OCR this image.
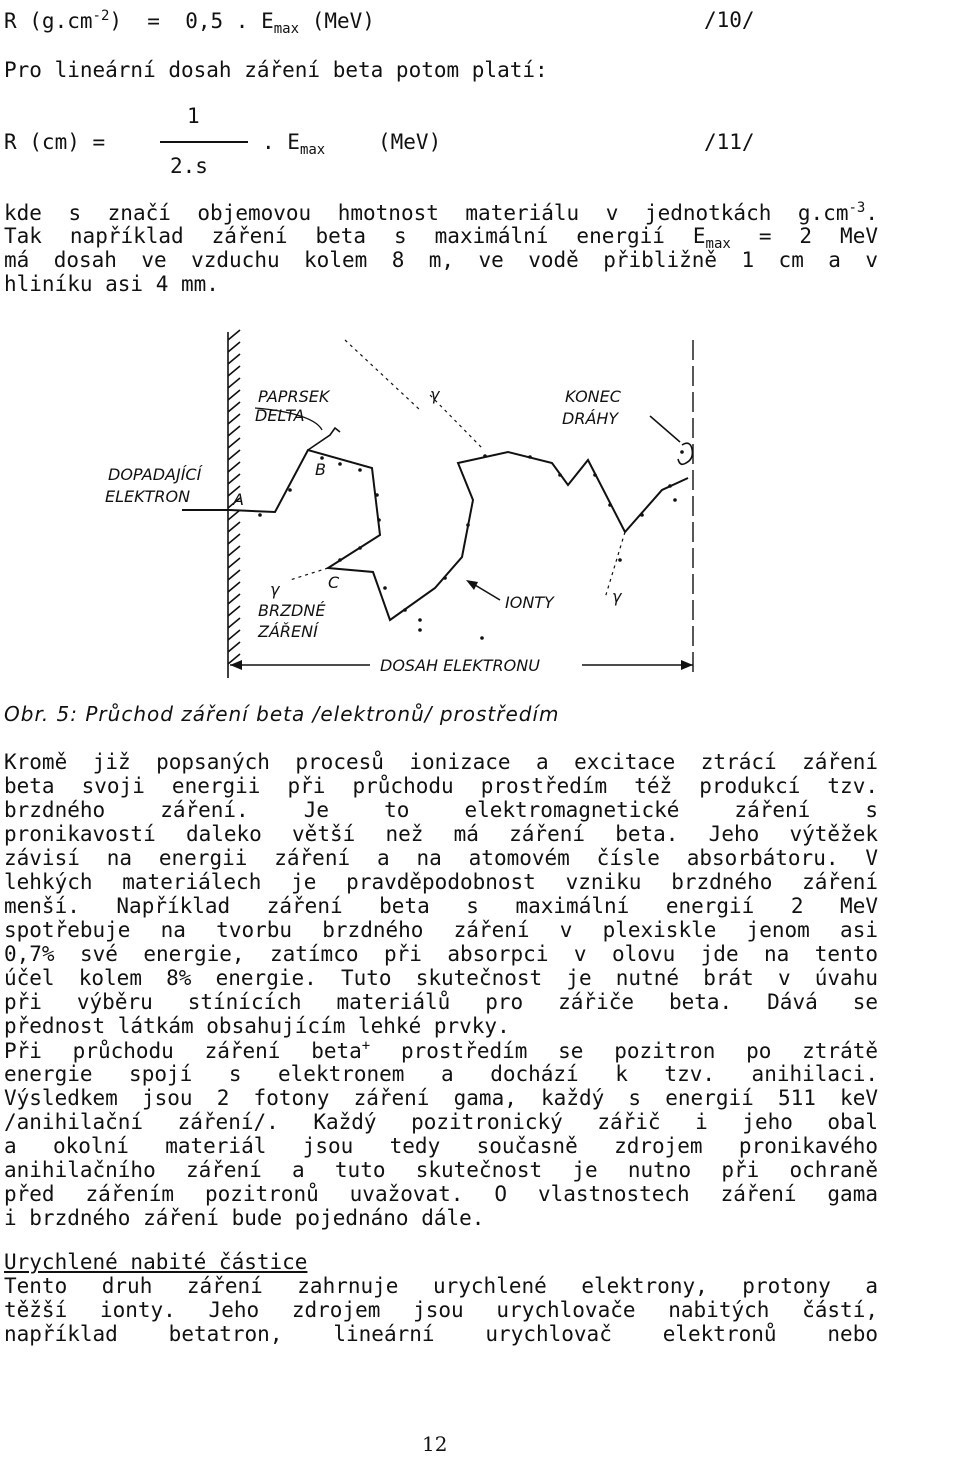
R $(g.cm^{-2}) = 0,5$ . $E_{max}$ (MeV)	/10/
Pro lineární dosah záření beta potom platí:
R (cm) =
1
2.s
. $E_{max}$	(MeV)	/11/
kde s značí objemovou hmotnost materiálu v jednotkách $g.cm^{-3}$.
Tak například záření beta s maximální energií $E_{max} = 2$ MeV
má dosah ve vzduchu kolem 8 m, ve vodě přibližně 1 cm a v
hliníku asi 4 mm.
PAPRSEK
DELTA
γ
B
KONEC
DRÁHY
DOPADAJÍCÍ
ELEKTRON	A
C
γ
BRZDNÉ
ZÁŘENÍ
IONTY	γ
DOSAH ELEKTRONU
Obr. 5: Průchod záření beta /elektronů/ prostředím
Kromě již popsaných procesů ionizace a excitace ztrácí záření
beta svoji energii při průchodu prostředím též produkcí tzv.
brzdného záření. Je to elektromagnetické záření s
pronikavostí daleko větší než má záření beta. Jeho výtěžek
závisí na energii záření a na atomovém čísle absorbátoru. V
lehkých materiálech je pravděpodobnost vzniku brzdného záření
menší. Například záření beta s maximální energií 2 MeV
spotřebuje na tvorbu brzdného záření v plexiskle jenom asi
0,7% své energie, zatímco při absorpci v olovu jde na tento
účel kolem 8% energie. Tuto skutečnost je nutné brát v úvahu
při výběru stínících materiálů pro zářiče beta. Dává se
přednost látkám obsahujícím lehké prvky.
Při průchodu záření beta+ prostředím se pozitron po ztrátě
energie spojí s elektronem a dochází k tzv. anihilaci.
Výsledkem jsou 2 fotony záření gama, každý s energií 511 keV
/anihilační záření/. Každý pozitronický zářič i jeho obal
a okolní materiál jsou tedy současně zdrojem pronikavého
anihilačního záření a tuto skutečnost je nutno při ochraně
před zářením pozitronů uvažovat. O vlastnostech záření gama
i brzdného záření bude pojednáno dále.
Urychlené nabité částice
Tento druh záření zahrnuje urychlené elektrony, protony a
těžší ionty. Jeho zdrojem jsou urychlovače nabitých částí,
například betatron, lineární urychlovač elektronů nebo
12
